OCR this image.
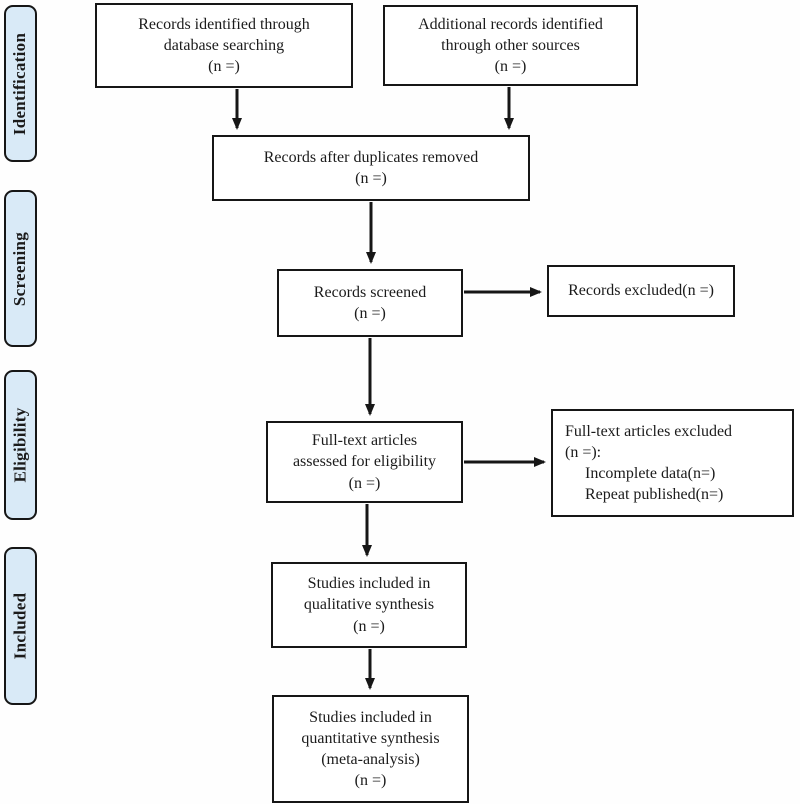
Identification
Screening
Eligibility
Included
Records identified through
database searching
(n =)
Additional records identified
through other sources
(n =)
Records after duplicates removed
(n =)
Records screened
(n =)
Records excluded(n =)
Full-text articles
assessed for eligibility
(n =)
Full-text articles excluded
(n =):
Incomplete data(n=)
Repeat published(n=)
Studies included in
qualitative synthesis
(n =)
Studies included in
quantitative synthesis
(meta-analysis)
(n =)
